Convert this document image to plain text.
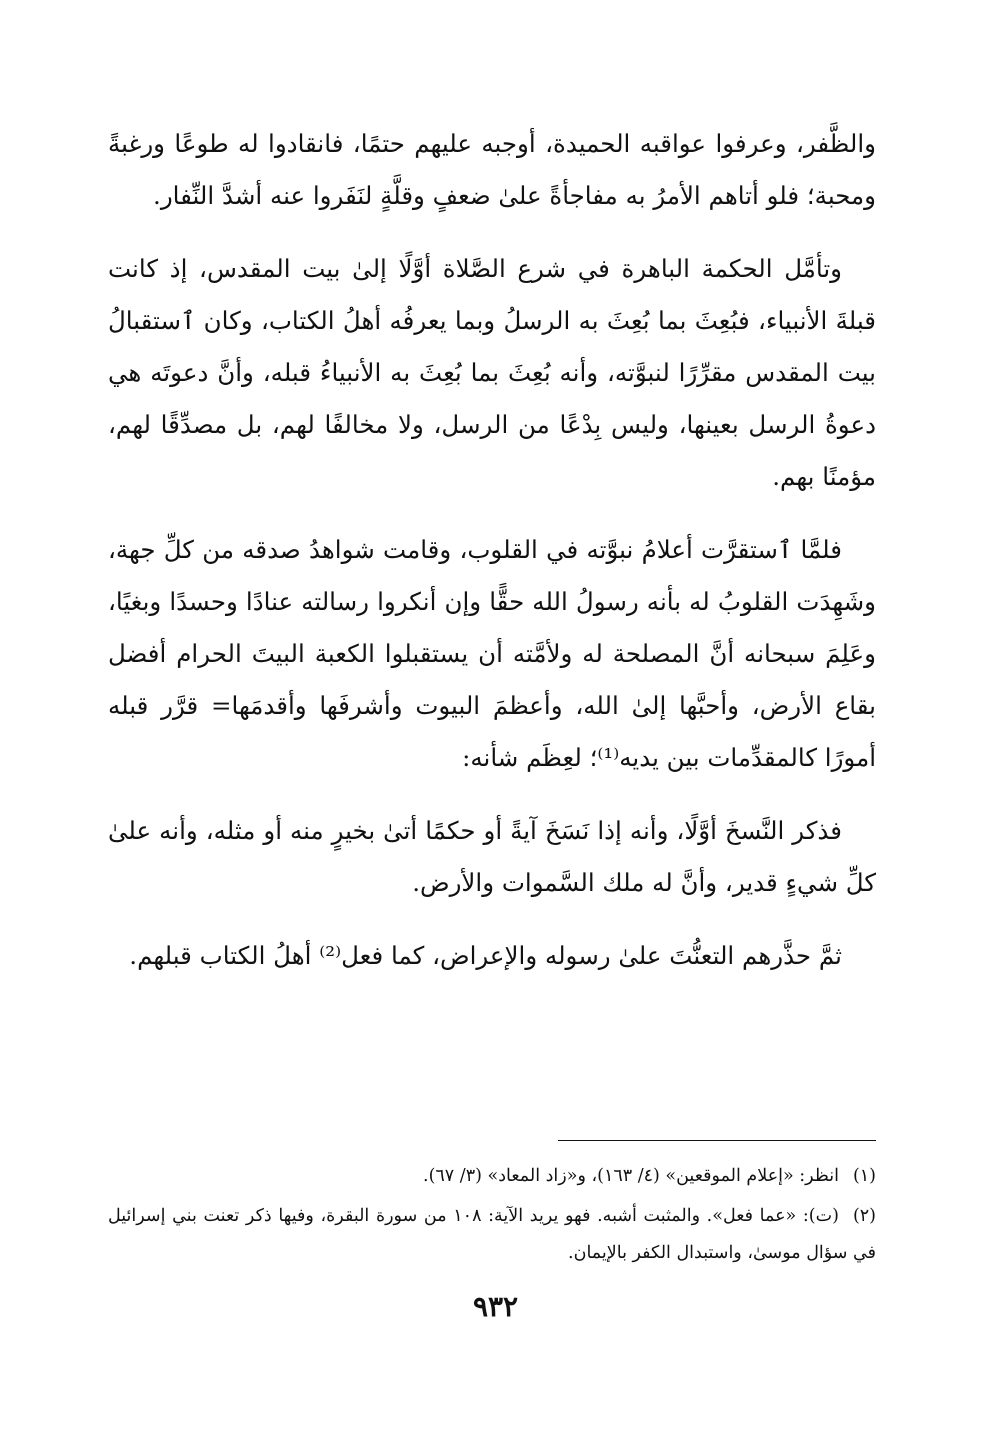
والظَّفر، وعرفوا عواقبه الحميدة، أوجبه عليهم حتمًا، فانقادوا له طوعًا ورغبةً ومحبة؛ فلو أتاهم الأمرُ به مفاجأةً علىٰ ضعفٍ وقلَّةٍ لنَفَروا عنه أشدَّ النِّفار.

وتأمَّل الحكمة الباهرة في شرع الصَّلاة أوَّلًا إلىٰ بيت المقدس، إذ كانت قبلةَ الأنبياء، فبُعِثَ بما بُعِثَ به الرسلُ وبما يعرفُه أهلُ الكتاب، وكان ٱستقبالُ بيت المقدس مقرِّرًا لنبوَّته، وأنه بُعِثَ بما بُعِثَ به الأنبياءُ قبله، وأنَّ دعوتَه هي دعوةُ الرسل بعينها، وليس بِدْعًا من الرسل، ولا مخالفًا لهم، بل مصدِّقًا لهم، مؤمنًا بهم.

فلمَّا ٱستقرَّت أعلامُ نبوَّته في القلوب، وقامت شواهدُ صدقه من كلِّ جهة، وشَهِدَت القلوبُ له بأنه رسولُ الله حقًّا وإن أنكروا رسالته عنادًا وحسدًا وبغيًا، وعَلِمَ سبحانه أنَّ المصلحة له ولأمَّته أن يستقبلوا الكعبة البيتَ الحرام أفضل بقاع الأرض، وأحبَّها إلىٰ الله، وأعظمَ البيوت وأشرفَها وأقدمَها= قرَّر قبله أمورًا كالمقدِّمات بين يديه⁽¹⁾؛ لعِظَم شأنه:

فذكر النَّسخَ أوَّلًا، وأنه إذا نَسَخَ آيةً أو حكمًا أتىٰ بخيرٍ منه أو مثله، وأنه علىٰ كلِّ شيءٍ قدير، وأنَّ له ملك السَّموات والأرض.

ثمَّ حذَّرهم التعنُّتَ علىٰ رسوله والإعراض، كما فعل⁽²⁾ أهلُ الكتاب قبلهم.

(١)انظر: «إعلام الموقعين» (٤/ ١٦٣)، و«زاد المعاد» (٣/ ٦٧).

(٢)(ت): «عما فعل». والمثبت أشبه. فهو يريد الآية: ١٠٨ من سورة البقرة، وفيها ذكر تعنت بني إسرائيل في سؤال موسىٰ، واستبدال الكفر بالإيمان.

٩٣٢
